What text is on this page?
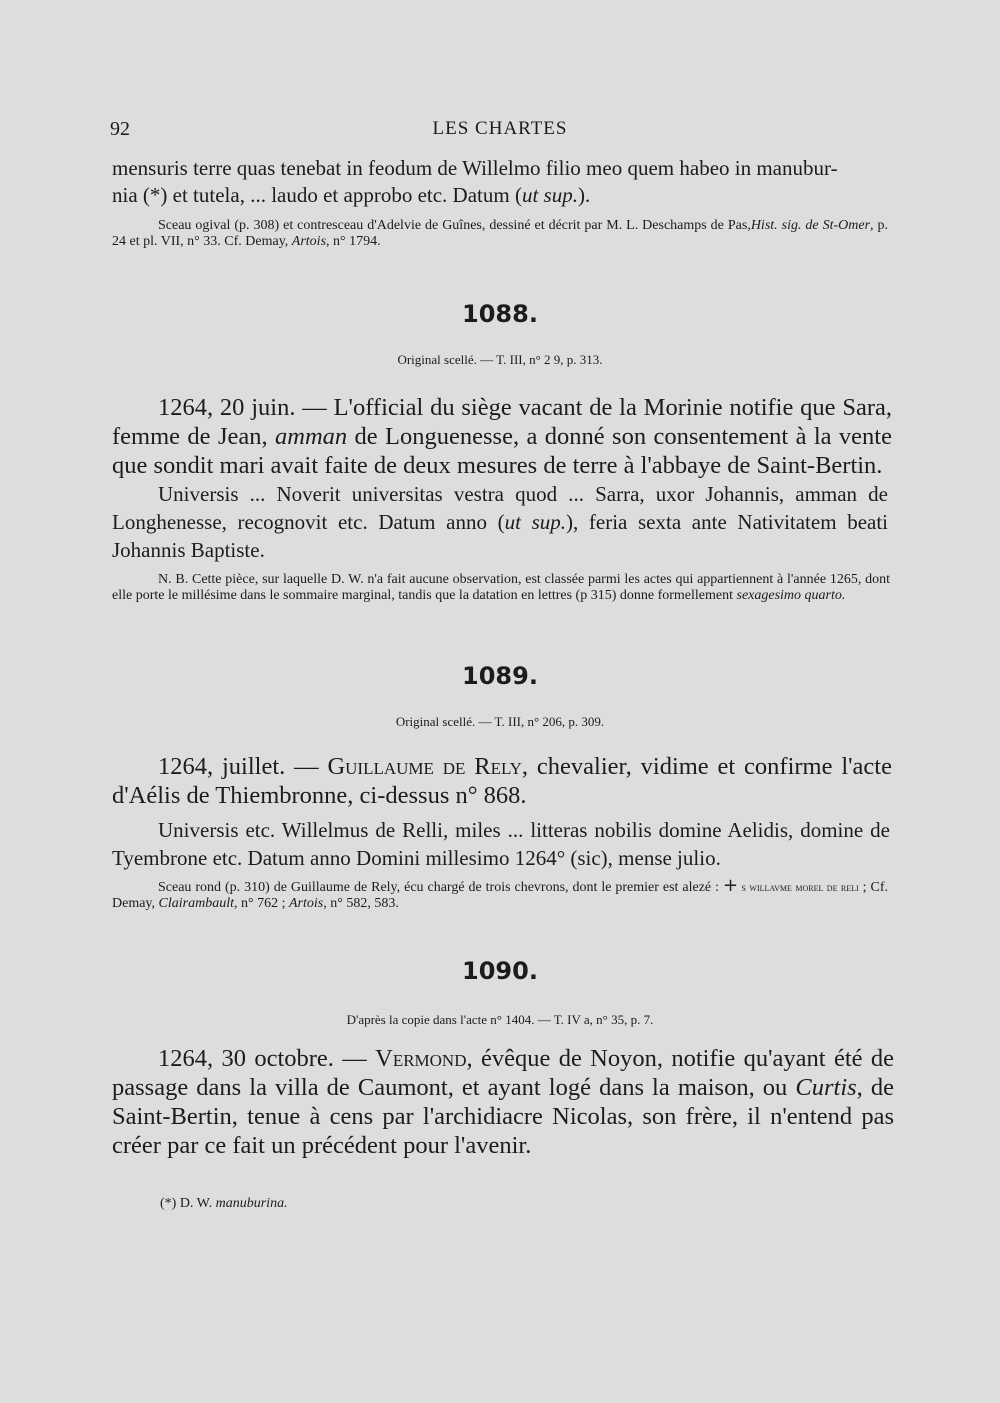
92	LES CHARTES
mensuris terre quas tenebat in feodum de Willelmo filio meo quem habeo in manubur-
nia (*) et tutela, ... laudo et approbo etc. Datum (ut sup.).
Sceau ogival (p. 308) et contresceau d'Adelvie de Guînes, dessiné et décrit par M. L. Deschamps de Pas,Hist. sig. de St-Omer, p. 24 et pl. VII, n° 33. Cf. Demay, Artois, n° 1794.
1088.
Original scellé. — T. III, n° 2 9, p. 313.
1264, 20 juin. — L'official du siège vacant de la Morinie notifie que Sara, femme de Jean, amman de Longuenesse, a donné son consentement à la vente que sondit mari avait faite de deux mesures de terre à l'abbaye de Saint-Bertin.
Universis ... Noverit universitas vestra quod ... Sarra, uxor Johannis, amman de Longhenesse, recognovit etc. Datum anno (ut sup.), feria sexta ante Nativitatem beati Johannis Baptiste.
N. B. Cette pièce, sur laquelle D. W. n'a fait aucune observation, est classée parmi les actes qui appartiennent à l'année 1265, dont elle porte le millésime dans le sommaire marginal, tandis que la datation en lettres (p 315) donne formellement sexagesimo quarto.
1089.
Original scellé. — T. III, n° 206, p. 309.
1264, juillet. — Guillaume de Rely, chevalier, vidime et confirme l'acte d'Aélis de Thiembronne, ci-dessus n° 868.
Universis etc. Willelmus de Relli, miles ... litteras nobilis domine Aelidis, domine de Tyembrone etc. Datum anno Domini millesimo 1264° (sic), mense julio.
Sceau rond (p. 310) de Guillaume de Rely, écu chargé de trois chevrons, dont le premier est alezé : + s willavme morel de reli ; Cf. Demay, Clairambault, n° 762 ; Artois, n° 582, 583.
1090.
D'après la copie dans l'acte n° 1404. — T. IV a, n° 35, p. 7.
1264, 30 octobre. — Vermond, évêque de Noyon, notifie qu'ayant été de passage dans la villa de Caumont, et ayant logé dans la maison, ou Curtis, de Saint-Bertin, tenue à cens par l'archidiacre Nicolas, son frère, il n'entend pas créer par ce fait un précédent pour l'avenir.
(*) D. W. manuburina.
